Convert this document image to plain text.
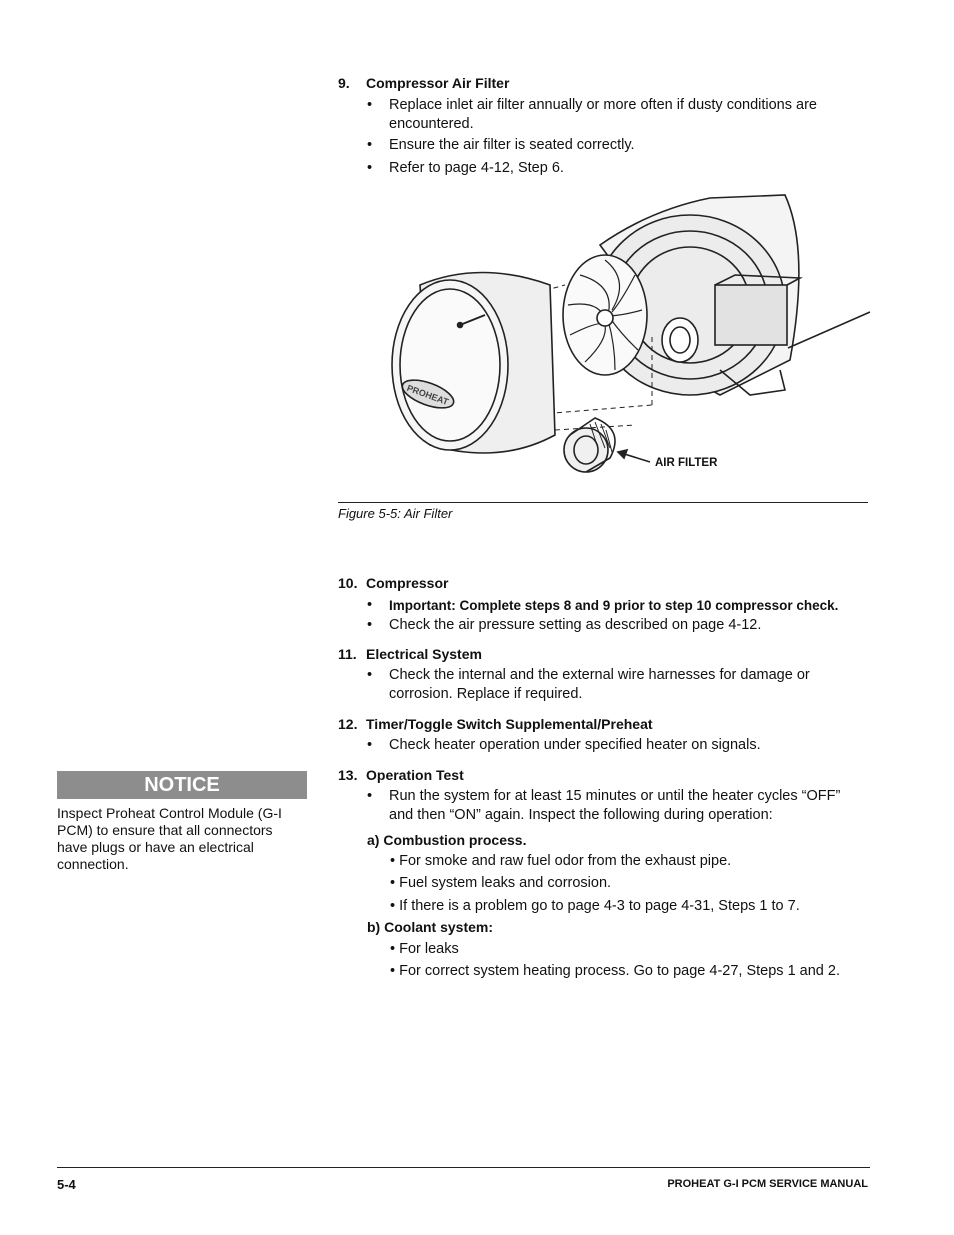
9. Compressor Air Filter
•	Replace inlet air filter annually or more often if dusty conditions are encountered.
•	Ensure the air filter is seated correctly.
•	Refer to page 4-12, Step 6.
PROHEAT
AIR FILTER
Figure 5-5: Air Filter
10. Compressor
•	Important: Complete steps 8 and 9 prior to step 10 compressor check.
•	Check the air pressure setting as described on page 4-12.
11. Electrical System
•	Check the internal and the external wire harnesses for damage or corrosion. Replace if required.
12. Timer/Toggle Switch Supplemental/Preheat
•	Check heater operation under specified heater on signals.
13. Operation Test
•	Run the system for at least 15 minutes or until the heater cycles “OFF” and then “ON” again. Inspect the following during operation:
a) Combustion process.
• For smoke and raw fuel odor from the exhaust pipe.
• Fuel system leaks and corrosion.
• If there is a problem go to page 4-3 to page 4-31, Steps 1 to 7.
b) Coolant system:
• For leaks
• For correct system heating process. Go to page 4-27, Steps 1 and 2.
NOTICE
Inspect Proheat Control Module (G-I PCM) to ensure that all connectors have plugs or have an electrical connection.
5-4	PROHEAT G-I PCM SERVICE MANUAL
